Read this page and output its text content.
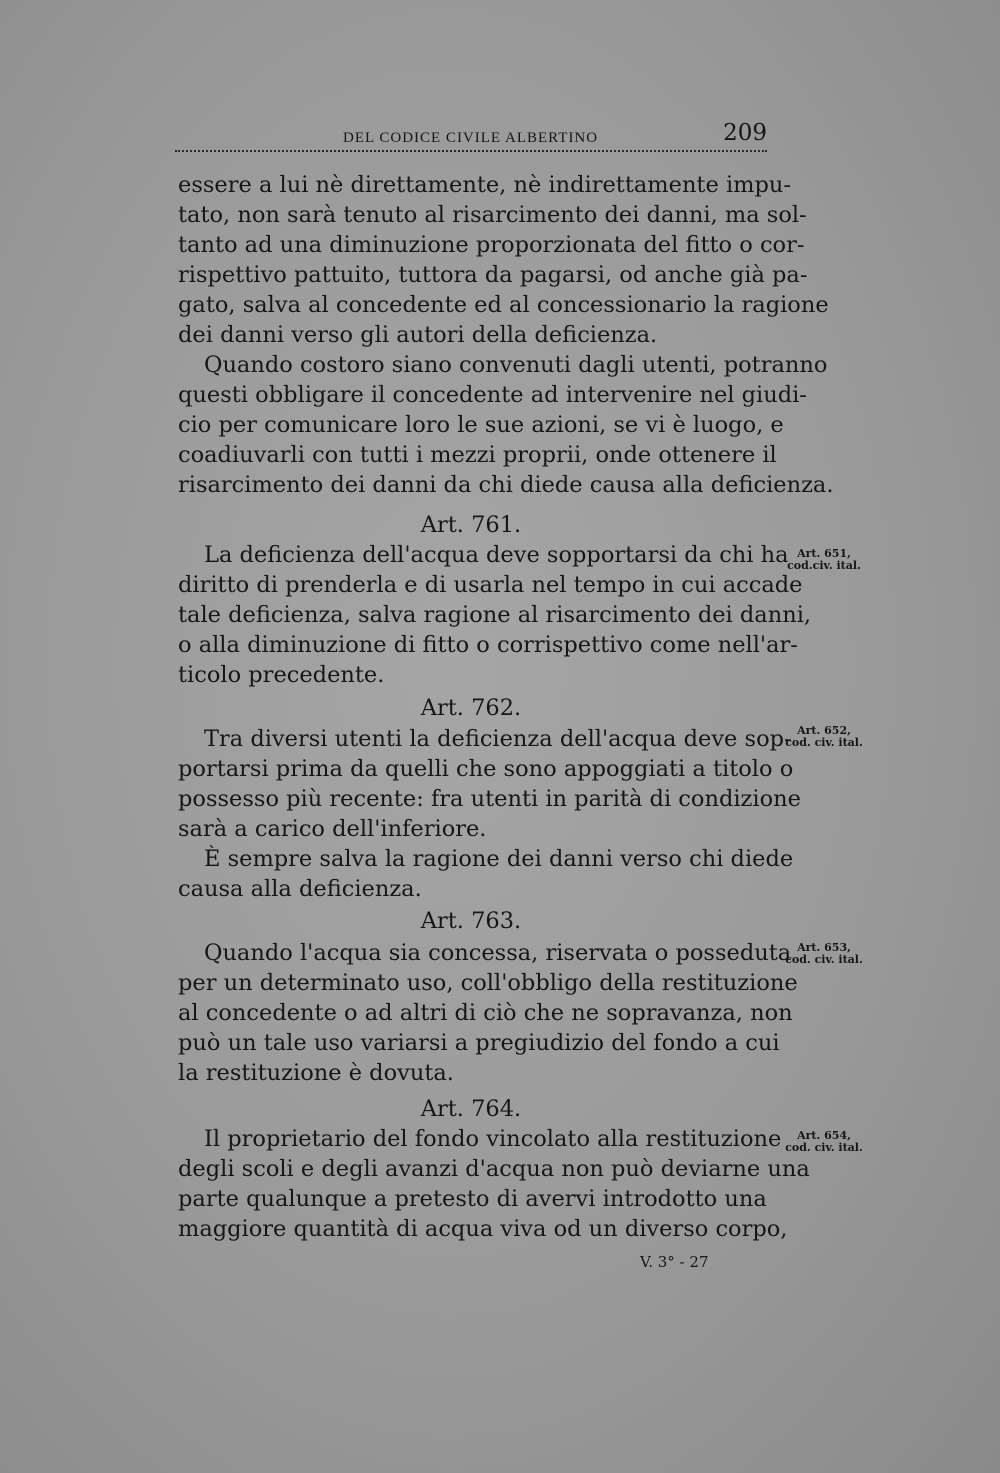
DEL CODICE CIVILE ALBERTINO	209
essere a lui nè direttamente, nè indirettamente impu-
tato, non sarà tenuto al risarcimento dei danni, ma sol-
tanto ad una diminuzione proporzionata del fitto o cor-
rispettivo pattuito, tuttora da pagarsi, od anche già pa-
gato, salva al concedente ed al concessionario la ragione
dei danni verso gli autori della deficienza.
Quando costoro siano convenuti dagli utenti, potranno
questi obbligare il concedente ad intervenire nel giudi-
cio per comunicare loro le sue azioni, se vi è luogo, e
coadiuvarli con tutti i mezzi proprii, onde ottenere il
risarcimento dei danni da chi diede causa alla deficienza.
Art. 761.
Art. 651,
cod.civ. ital.
La deficienza dell'acqua deve sopportarsi da chi ha
diritto di prenderla e di usarla nel tempo in cui accade
tale deficienza, salva ragione al risarcimento dei danni,
o alla diminuzione di fitto o corrispettivo come nell'ar-
ticolo precedente.
Art. 762.
Art. 652,
cod. civ. ital.
Tra diversi utenti la deficienza dell'acqua deve sop-
portarsi prima da quelli che sono appoggiati a titolo o
possesso più recente: fra utenti in parità di condizione
sarà a carico dell'inferiore.
È sempre salva la ragione dei danni verso chi diede
causa alla deficienza.
Art. 763.
Art. 653,
cod. civ. ital.
Quando l'acqua sia concessa, riservata o posseduta
per un determinato uso, coll'obbligo della restituzione
al concedente o ad altri di ciò che ne sopravanza, non
può un tale uso variarsi a pregiudizio del fondo a cui
la restituzione è dovuta.
Art. 764.
Art. 654,
cod. civ. ital.
Il proprietario del fondo vincolato alla restituzione
degli scoli e degli avanzi d'acqua non può deviarne una
parte qualunque a pretesto di avervi introdotto una
maggiore quantità di acqua viva od un diverso corpo,
V. 3° - 27
